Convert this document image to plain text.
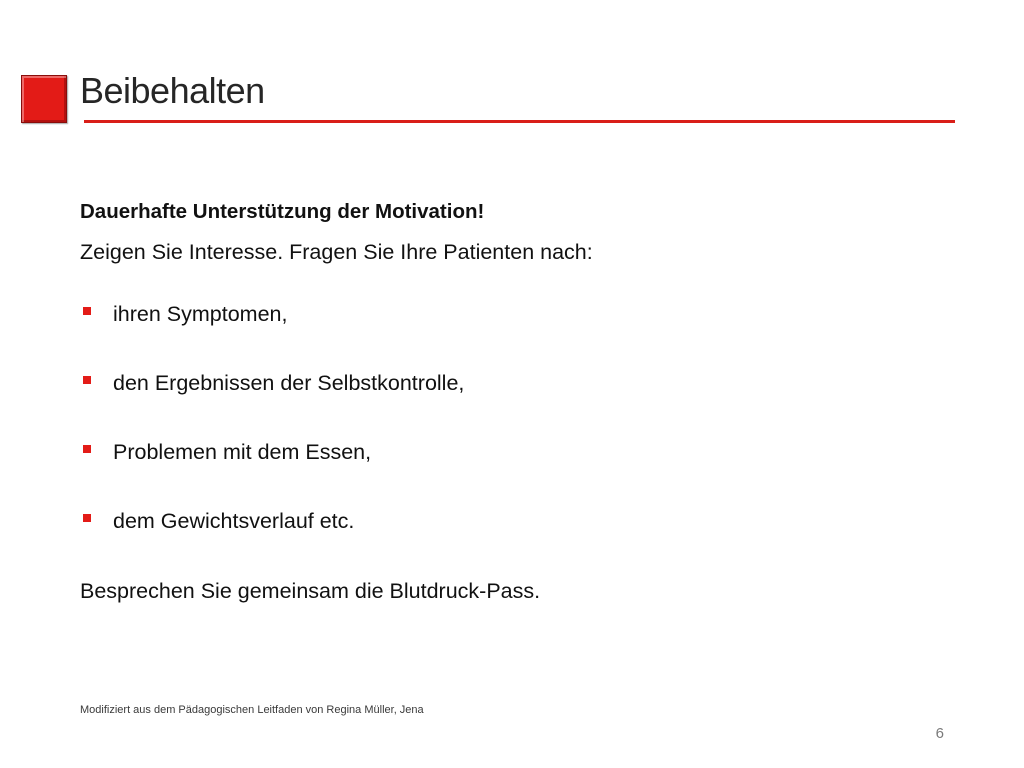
Beibehalten
Dauerhafte Unterstützung der Motivation!
Zeigen Sie Interesse. Fragen Sie Ihre Patienten nach:
ihren Symptomen,
den Ergebnissen der Selbstkontrolle,
Problemen mit dem Essen,
dem Gewichtsverlauf etc.
Besprechen Sie gemeinsam die Blutdruck-Pass.
Modifiziert aus dem Pädagogischen Leitfaden von Regina Müller, Jena
6
